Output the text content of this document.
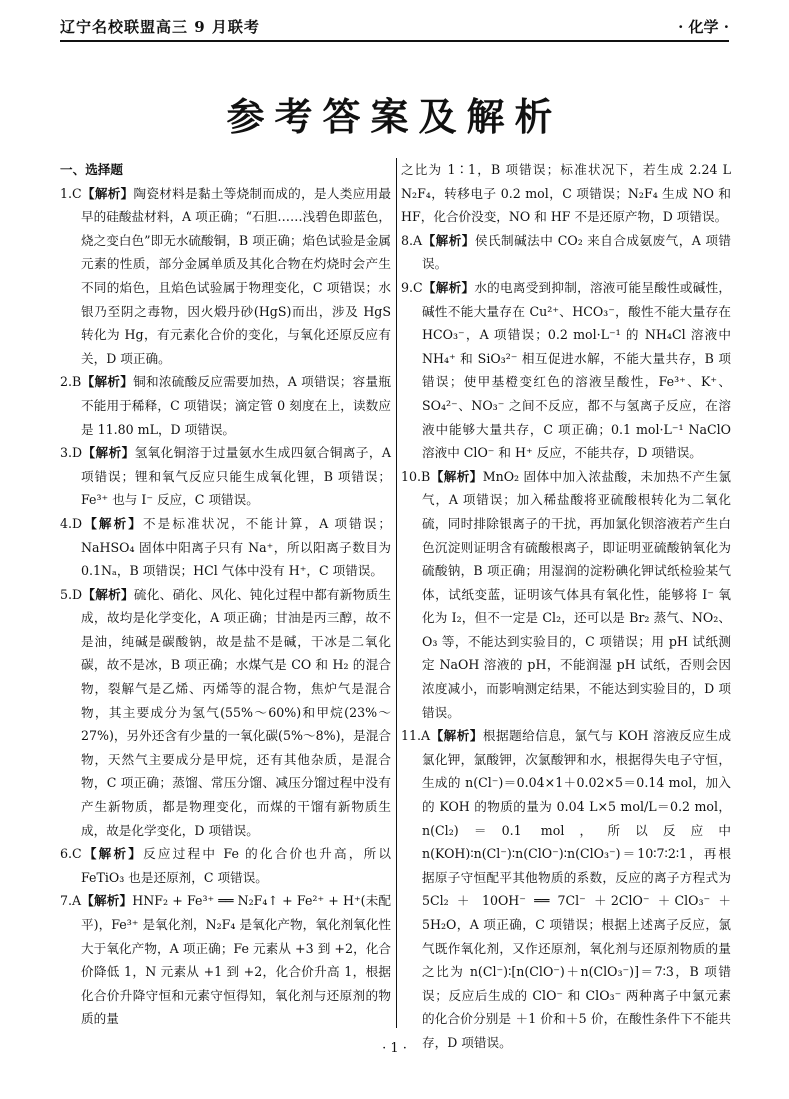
辽宁名校联盟高三 9 月联考	· 化学 ·
参考答案及解析
一、选择题
1.C【解析】陶瓷材料是黏土等烧制而成的，是人类应用最早的硅酸盐材料，A 项正确；“石胆……浅碧色即蓝色，烧之变白色”即无水硫酸铜，B 项正确；焰色试验是金属元素的性质，部分金属单质及其化合物在灼烧时会产生不同的焰色，且焰色试验属于物理变化，C 项错误；水银乃至阴之毒物，因火煅丹砂(HgS)而出，涉及 HgS 转化为 Hg，有元素化合价的变化，与氧化还原反应有关，D 项正确。
2.B【解析】铜和浓硫酸反应需要加热，A 项错误；容量瓶不能用于稀释，C 项错误；滴定管 0 刻度在上，读数应是 11.80 mL，D 项错误。
3.D【解析】氢氧化铜溶于过量氨水生成四氨合铜离子，A 项错误；锂和氧气反应只能生成氧化锂，B 项错误；Fe³⁺ 也与 I⁻ 反应，C 项错误。
4.D【解析】不是标准状况，不能计算，A 项错误；NaHSO₄ 固体中阳离子只有 Na⁺，所以阳离子数目为 0.1Nₐ，B 项错误；HCl 气体中没有 H⁺，C 项错误。
5.D【解析】硫化、硝化、风化、钝化过程中都有新物质生成，故均是化学变化，A 项正确；甘油是丙三醇，故不是油，纯碱是碳酸钠，故是盐不是碱，干冰是二氧化碳，故不是冰，B 项正确；水煤气是 CO 和 H₂ 的混合物，裂解气是乙烯、丙烯等的混合物，焦炉气是混合物，其主要成分为氢气(55%～60%)和甲烷(23%～27%)，另外还含有少量的一氧化碳(5%～8%)，是混合物，天然气主要成分是甲烷，还有其他杂质，是混合物，C 项正确；蒸馏、常压分馏、减压分馏过程中没有产生新物质，都是物理变化，而煤的干馏有新物质生成，故是化学变化，D 项错误。
6.C【解析】反应过程中 Fe 的化合价也升高，所以 FeTiO₃ 也是还原剂，C 项错误。
7.A【解析】HNF₂ + Fe³⁺ ══ N₂F₄↑ + Fe²⁺ + H⁺(未配平)，Fe³⁺ 是氧化剂，N₂F₄ 是氧化产物，氧化剂氧化性大于氧化产物，A 项正确；Fe 元素从 +3 到 +2，化合价降低 1，N 元素从 +1 到 +2，化合价升高 1，根据化合价升降守恒和元素守恒得知，氧化剂与还原剂的物质的量
之比为 1∶1，B 项错误；标准状况下，若生成 2.24 L N₂F₄，转移电子 0.2 mol，C 项错误；N₂F₄ 生成 NO 和 HF，化合价没变，NO 和 HF 不是还原产物，D 项错误。
8.A【解析】侯氏制碱法中 CO₂ 来自合成氨废气，A 项错误。
9.C【解析】水的电离受到抑制，溶液可能呈酸性或碱性，碱性不能大量存在 Cu²⁺、HCO₃⁻，酸性不能大量存在 HCO₃⁻，A 项错误；0.2 mol·L⁻¹ 的 NH₄Cl 溶液中 NH₄⁺ 和 SiO₃²⁻ 相互促进水解，不能大量共存，B 项错误；使甲基橙变红色的溶液呈酸性，Fe³⁺、K⁺、SO₄²⁻、NO₃⁻ 之间不反应，都不与氢离子反应，在溶液中能够大量共存，C 项正确；0.1 mol·L⁻¹ NaClO 溶液中 ClO⁻ 和 H⁺ 反应，不能共存，D 项错误。
10.B【解析】MnO₂ 固体中加入浓盐酸，未加热不产生氯气，A 项错误；加入稀盐酸将亚硫酸根转化为二氧化硫，同时排除银离子的干扰，再加氯化钡溶液若产生白色沉淀则证明含有硫酸根离子，即证明亚硫酸钠氧化为硫酸钠，B 项正确；用湿润的淀粉碘化钾试纸检验某气体，试纸变蓝，证明该气体具有氧化性，能够将 I⁻ 氧化为 I₂，但不一定是 Cl₂，还可以是 Br₂ 蒸气、NO₂、O₃ 等，不能达到实验目的，C 项错误；用 pH 试纸测定 NaOH 溶液的 pH，不能润湿 pH 试纸，否则会因浓度减小，而影响测定结果，不能达到实验目的，D 项错误。
11.A【解析】根据题给信息，氯气与 KOH 溶液反应生成氯化钾，氯酸钾，次氯酸钾和水，根据得失电子守恒，生成的 n(Cl⁻)＝0.04×1＋0.02×5＝0.14 mol，加入的 KOH 的物质的量为 0.04 L×5 mol/L＝0.2 mol，n(Cl₂)＝0.1 mol，所以反应中 n(KOH)∶n(Cl⁻)∶n(ClO⁻)∶n(ClO₃⁻)＝10∶7∶2∶1，再根据原子守恒配平其他物质的系数，反应的离子方程式为 5Cl₂ ＋ 10OH⁻ ══ 7Cl⁻ ＋2ClO⁻ ＋ClO₃⁻ ＋5H₂O，A 项正确，C 项错误；根据上述离子反应，氯气既作氧化剂，又作还原剂，氧化剂与还原剂物质的量之比为 n(Cl⁻)∶[n(ClO⁻)＋n(ClO₃⁻)]＝7∶3，B 项错误；反应后生成的 ClO⁻ 和 ClO₃⁻ 两种离子中氯元素的化合价分别是 ＋1 价和＋5 价，在酸性条件下不能共存，D 项错误。
· 1 ·
